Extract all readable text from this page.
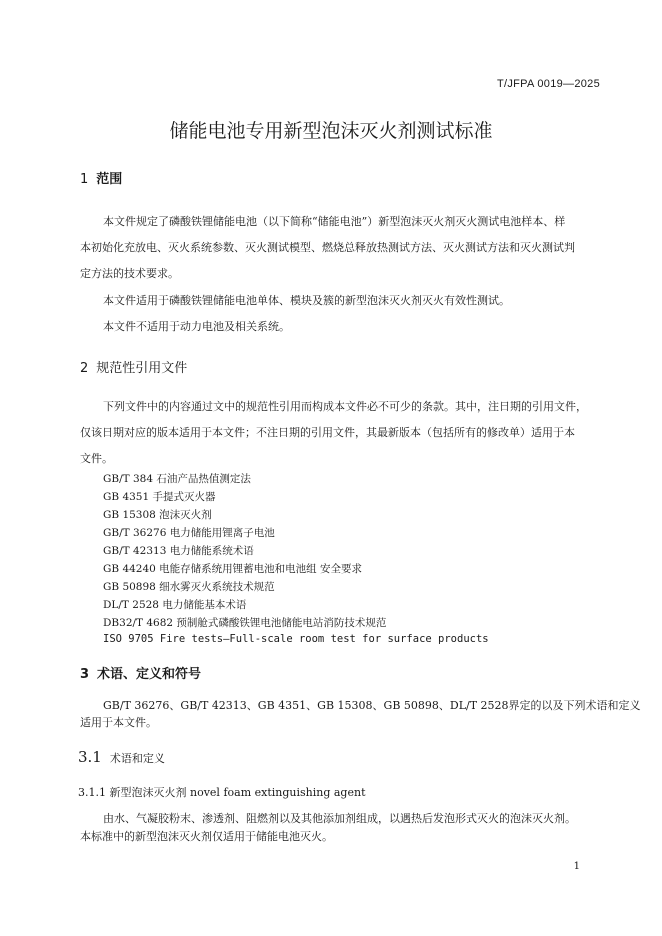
T/JFPA 0019—2025
储能电池专用新型泡沫灭火剂测试标准
1 范围
本文件规定了磷酸铁锂储能电池（以下简称“储能电池”）新型泡沫灭火剂灭火测试电池样本、样
本初始化充放电、灭火系统参数、灭火测试模型、燃烧总释放热测试方法、灭火测试方法和灭火测试判
定方法的技术要求。
本文件适用于磷酸铁锂储能电池单体、模块及簇的新型泡沫灭火剂灭火有效性测试。
本文件不适用于动力电池及相关系统。
2 规范性引用文件
下列文件中的内容通过文中的规范性引用而构成本文件必不可少的条款。其中，注日期的引用文件，
仅该日期对应的版本适用于本文件；不注日期的引用文件，其最新版本（包括所有的修改单）适用于本
文件。
GB/T 384 石油产品热值测定法
GB 4351 手提式灭火器
GB 15308 泡沫灭火剂
GB/T 36276 电力储能用锂离子电池
GB/T 42313 电力储能系统术语
GB 44240 电能存储系统用锂蓄电池和电池组 安全要求
GB 50898 细水雾灭火系统技术规范
DL/T 2528 电力储能基本术语
DB32/T 4682 预制舱式磷酸铁锂电池储能电站消防技术规范
ISO 9705 Fire tests—Full-scale room test for surface products
3 术语、定义和符号
GB/T 36276、GB/T 42313、GB 4351、GB 15308、GB 50898、DL/T 2528界定的以及下列术语和定义
适用于本文件。
3.1 术语和定义
3.1.1 新型泡沫灭火剂 novel foam extinguishing agent
由水、气凝胶粉末、渗透剂、阻燃剂以及其他添加剂组成，以遇热后发泡形式灭火的泡沫灭火剂。
本标准中的新型泡沫灭火剂仅适用于储能电池灭火。
1
